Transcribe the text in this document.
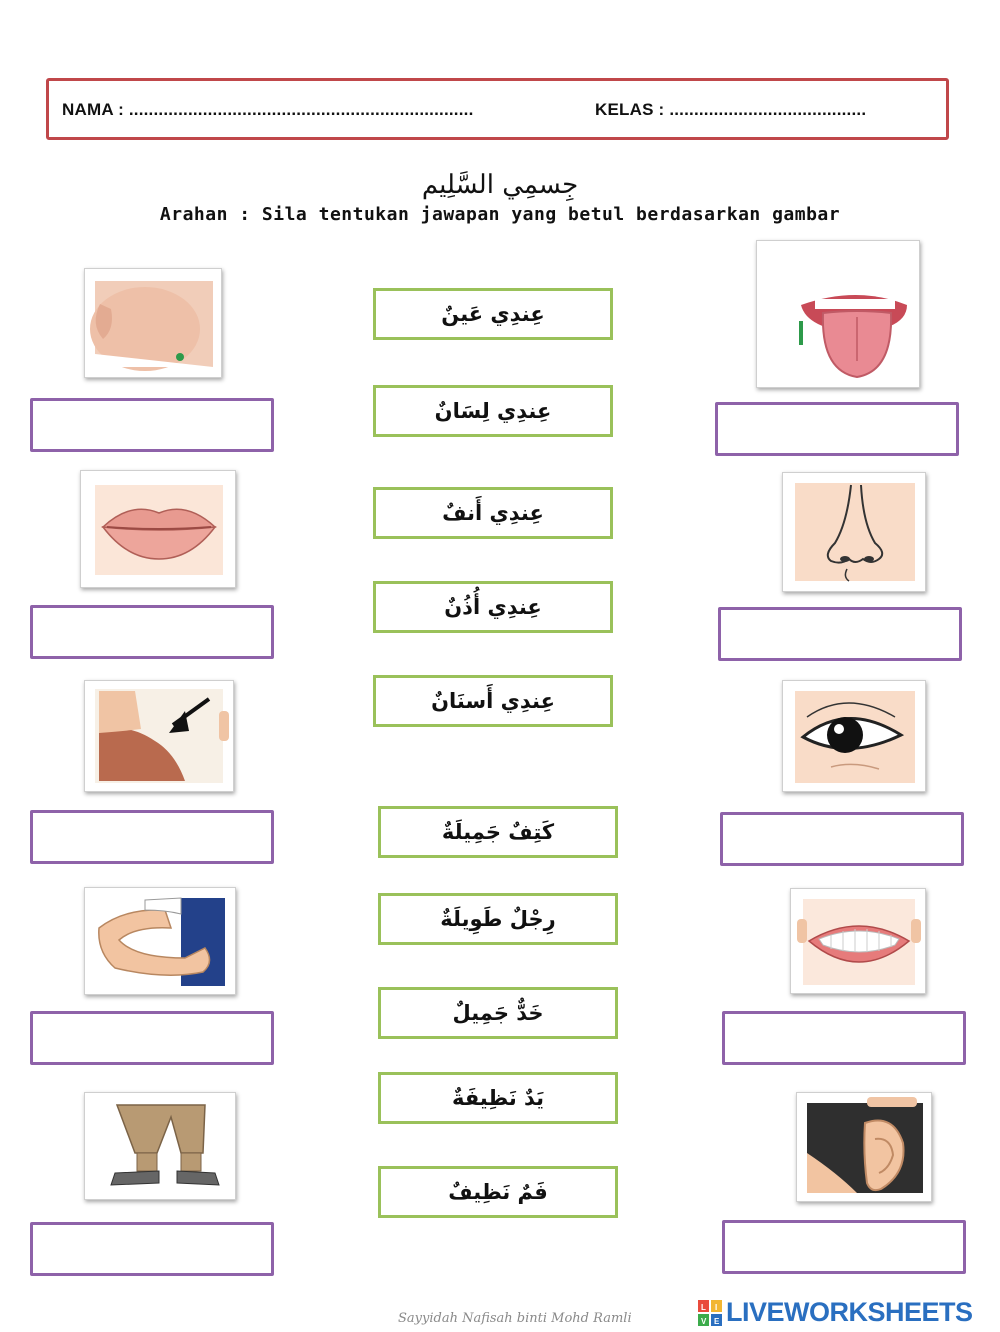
NAMA : ......................................................................	KELAS : ........................................
جِسمِي السَّلِيم
Arahan : Sila tentukan jawapan yang betul berdasarkan gambar
عِندِي عَينٌ
عِندِي لِسَانٌ
عِندِي أَنفٌ
عِندِي أُذُنٌ
عِندِي أَسنَانٌ
كَتِفٌ جَمِيلَةٌ
رِجْلٌ طَوِيلَةٌ
خَدٌّ جَمِيلٌ
يَدٌ نَظِيفَةٌ
فَمٌ نَظِيفٌ
Sayyidah Nafisah binti Mohd Ramli
L I
V E LIVEWORKSHEETS
